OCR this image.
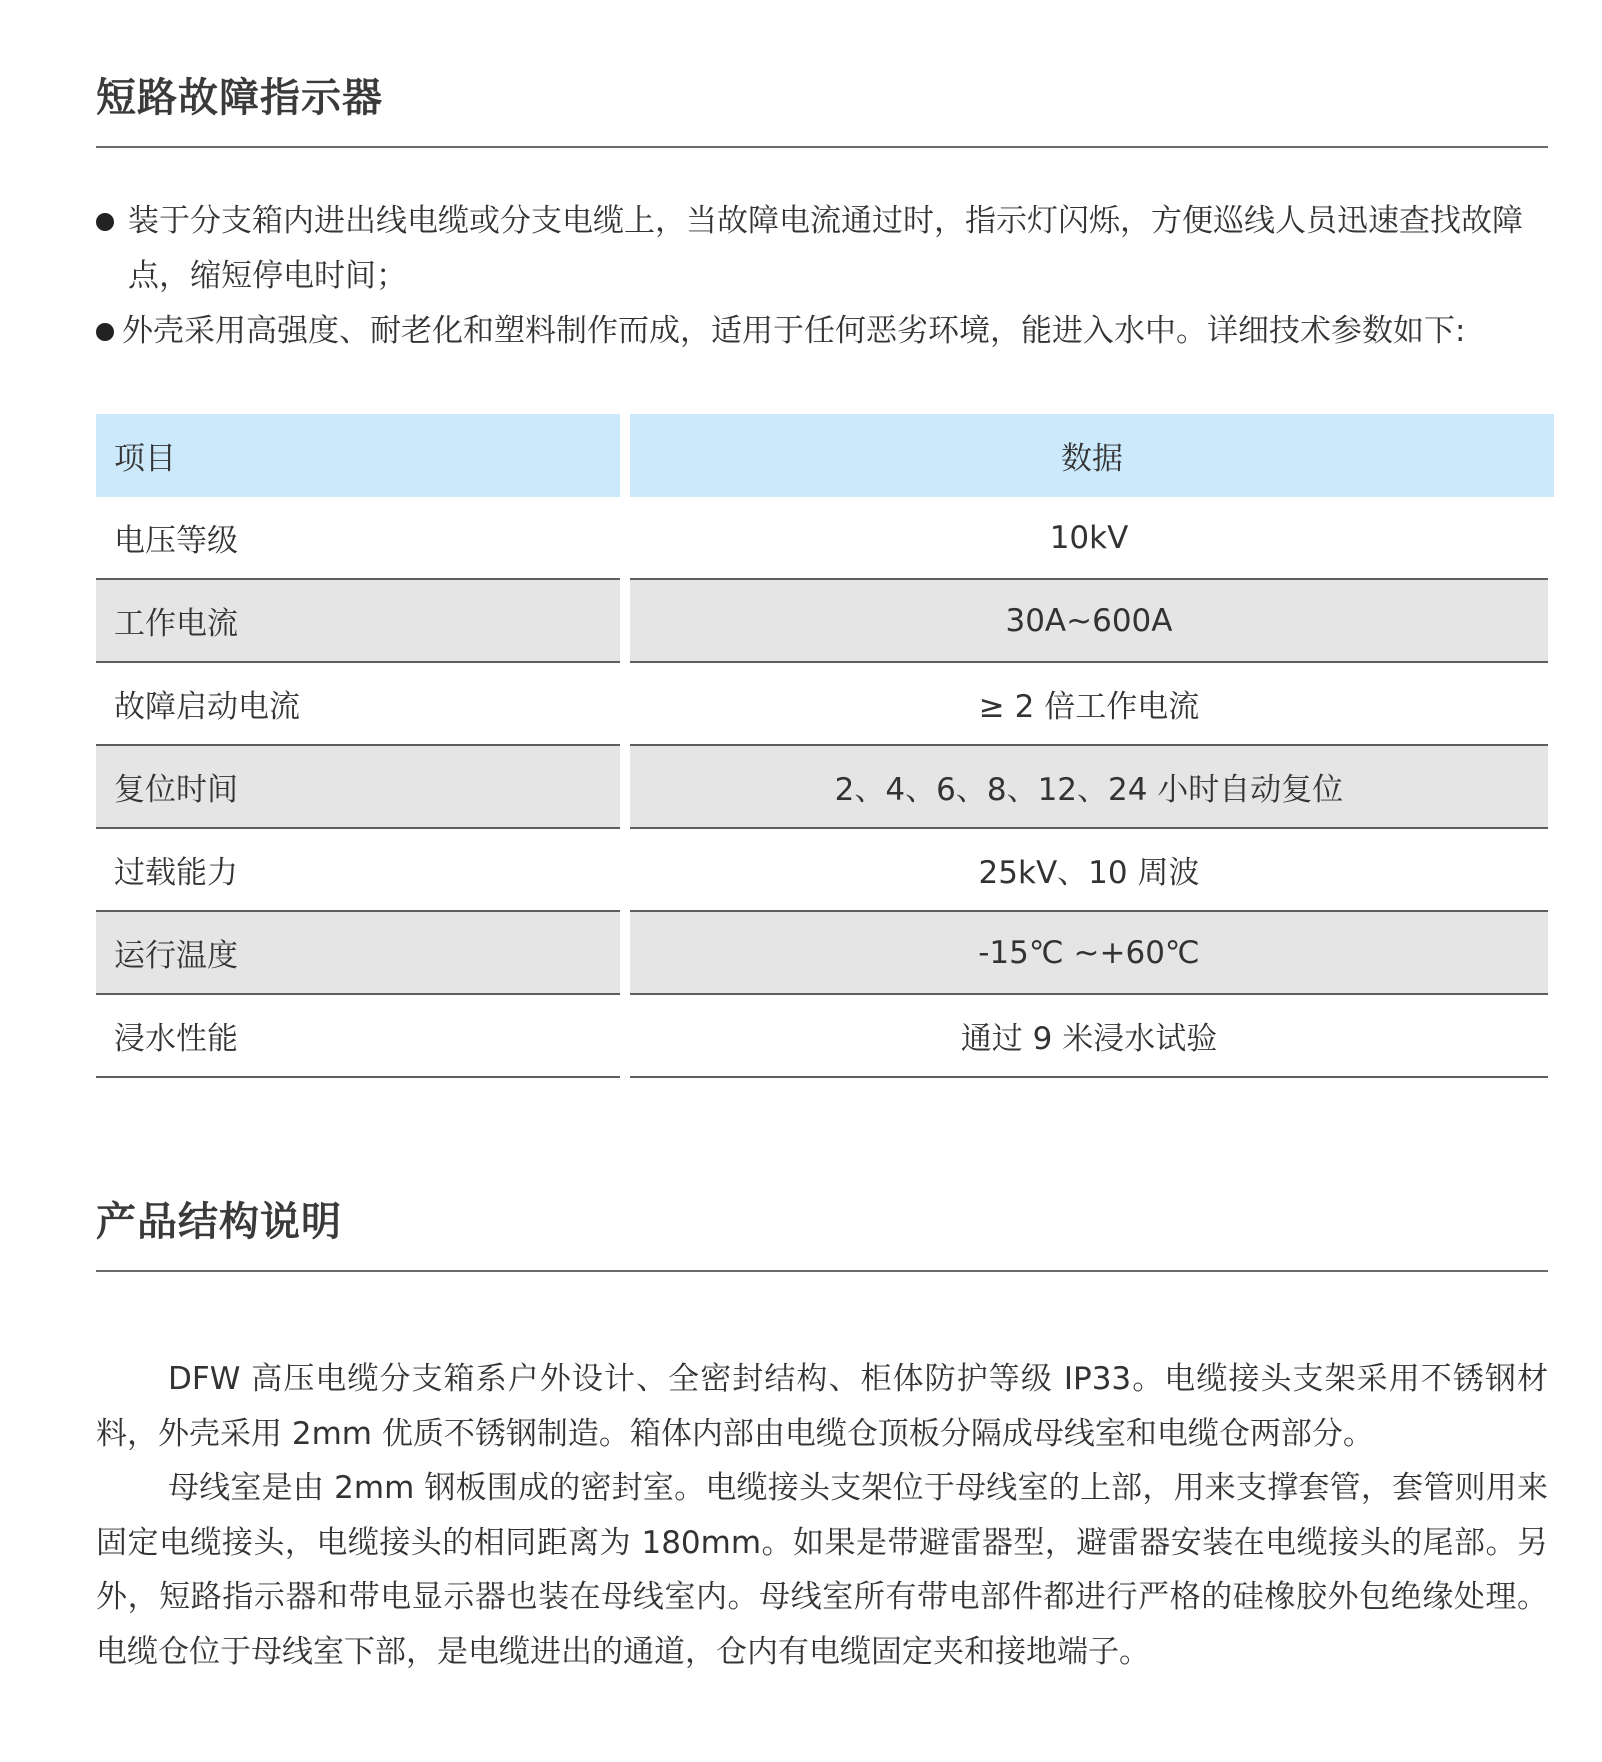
短路故障指示器
装于分支箱内进出线电缆或分支电缆上，当故障电流通过时，指示灯闪烁，方便巡线人员迅速查找故障点，缩短停电时间；
外壳采用高强度、耐老化和塑料制作而成，适用于任何恶劣环境，能进入水中。详细技术参数如下:
项目	数据
电压等级	10kV
工作电流	30A~600A
故障启动电流	≥ 2 倍工作电流
复位时间	2、4、6、8、12、24 小时自动复位
过载能力	25kV、10 周波
运行温度	-15℃ ~+60℃
浸水性能	通过 9 米浸水试验
产品结构说明

DFW 高压电缆分支箱系户外设计、全密封结构、柜体防护等级 IP33。电缆接头支架采用不锈钢材料，外壳采用 2mm 优质不锈钢制造。箱体内部由电缆仓顶板分隔成母线室和电缆仓两部分。

母线室是由 2mm 钢板围成的密封室。电缆接头支架位于母线室的上部，用来支撑套管，套管则用来固定电缆接头，电缆接头的相同距离为 180mm。如果是带避雷器型，避雷器安装在电缆接头的尾部。另外，短路指示器和带电显示器也装在母线室内。母线室所有带电部件都进行严格的硅橡胶外包绝缘处理。电缆仓位于母线室下部，是电缆进出的通道，仓内有电缆固定夹和接地端子。
